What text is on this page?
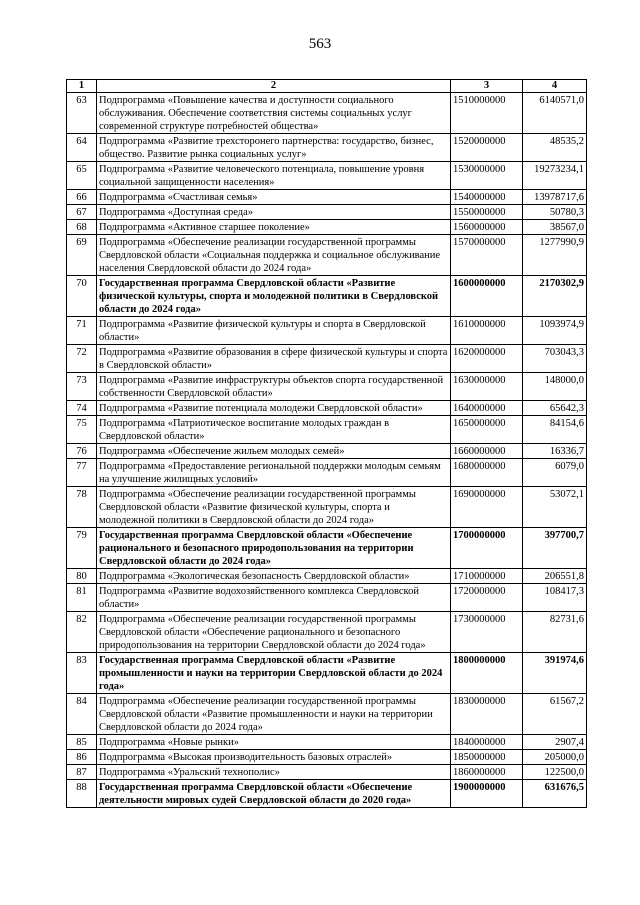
563
1	2	3	4
63	Подпрограмма «Повышение качества и доступности социального обслуживания. Обеспечение соответствия системы социальных услуг современной структуре потребностей общества»	1510000000	6140571,0
64	Подпрограмма «Развитие трехсторонего партнерства: государство, бизнес, общество. Развитие рынка социальных услуг»	1520000000	48535,2
65	Подпрограмма «Развитие человеческого потенциала, повышение уровня социальной защищенности населения»	1530000000	19273234,1
66	Подпрограмма «Счастливая семья»	1540000000	13978717,6
67	Подпрограмма «Доступная среда»	1550000000	50780,3
68	Подпрограмма «Активное старшее поколение»	1560000000	38567,0
69	Подпрограмма «Обеспечение реализации государственной программы Свердловской области «Социальная поддержка и социальное обслуживание населения Свердловской области до 2024 года»	1570000000	1277990,9
70	Государственная программа Свердловской области «Развитие физической культуры, спорта и молодежной политики в Свердловской области до 2024 года»	1600000000	2170302,9
71	Подпрограмма «Развитие физической культуры и спорта в Свердловской области»	1610000000	1093974,9
72	Подпрограмма «Развитие образования в сфере физической культуры и спорта в Свердловской области»	1620000000	703043,3
73	Подпрограмма «Развитие инфраструктуры объектов спорта государственной собственности Свердловской области»	1630000000	148000,0
74	Подпрограмма «Развитие потенциала молодежи Свердловской области»	1640000000	65642,3
75	Подпрограмма «Патриотическое воспитание молодых граждан в Свердловской области»	1650000000	84154,6
76	Подпрограмма «Обеспечение жильем молодых семей»	1660000000	16336,7
77	Подпрограмма «Предоставление региональной поддержки молодым семьям на улучшение жилищных условий»	1680000000	6079,0
78	Подпрограмма «Обеспечение реализации государственной программы Свердловской области «Развитие физической культуры, спорта и молодежной политики в Свердловской области до 2024 года»	1690000000	53072,1
79	Государственная программа Свердловской области «Обеспечение рационального и безопасного природопользования на территории Свердловской области до 2024 года»	1700000000	397700,7
80	Подпрограмма «Экологическая безопасность Свердловской области»	1710000000	206551,8
81	Подпрограмма «Развитие водохозяйственного комплекса Свердловской области»	1720000000	108417,3
82	Подпрограмма «Обеспечение реализации государственной программы Свердловской области «Обеспечение рационального и безопасного природопользования на территории Свердловской области до 2024 года»	1730000000	82731,6
83	Государственная программа Свердловской области «Развитие промышленности и науки на территории Свердловской области до 2024 года»	1800000000	391974,6
84	Подпрограмма «Обеспечение реализации государственной программы Свердловской области «Развитие промышленности и науки на территории Свердловской области до 2024 года»	1830000000	61567,2
85	Подпрограмма «Новые рынки»	1840000000	2907,4
86	Подпрограмма «Высокая производительность базовых отраслей»	1850000000	205000,0
87	Подпрограмма «Уральский технополис»	1860000000	122500,0
88	Государственная программа Свердловской области «Обеспечение деятельности мировых судей Свердловской области до 2020 года»	1900000000	631676,5
